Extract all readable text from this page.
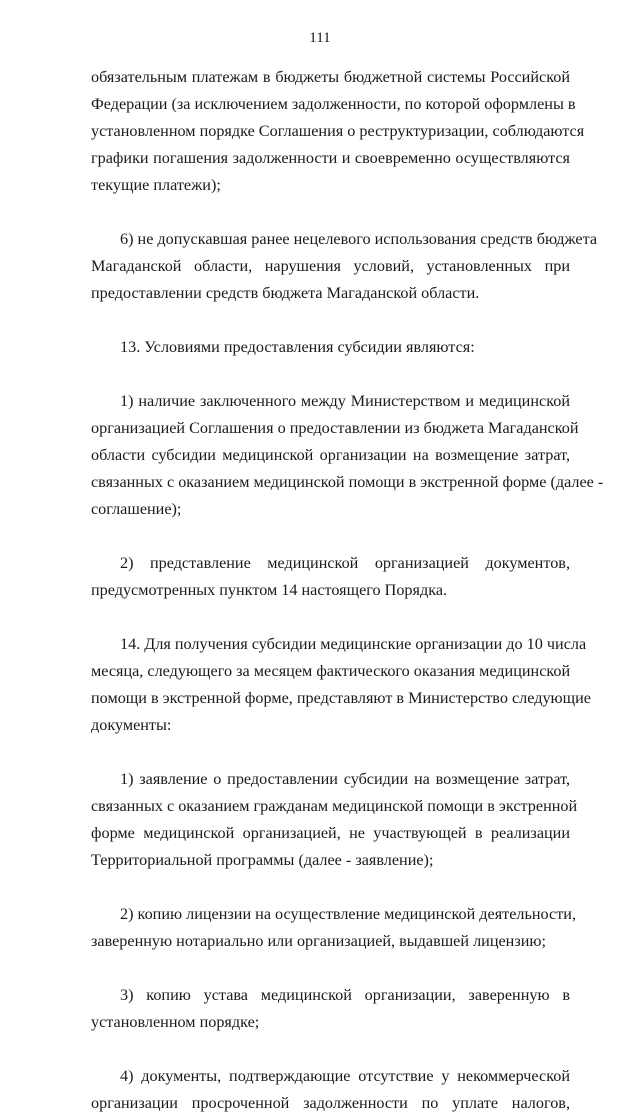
111
обязательным платежам в бюджеты бюджетной системы Российской
Федерации (за исключением задолженности, по которой оформлены в
установленном порядке Соглашения о реструктуризации, соблюдаются
графики погашения задолженности и своевременно осуществляются
текущие платежи);
6) не допускавшая ранее нецелевого использования средств бюджета
Магаданской области, нарушения условий, установленных при
предоставлении средств бюджета Магаданской области.
13. Условиями предоставления субсидии являются:
1) наличие заключенного между Министерством и медицинской
организацией Соглашения о предоставлении из бюджета Магаданской
области субсидии медицинской организации на возмещение затрат,
связанных с оказанием медицинской помощи в экстренной форме (далее -
соглашение);
2) представление медицинской организацией документов,
предусмотренных пунктом 14 настоящего Порядка.
14. Для получения субсидии медицинские организации до 10 числа
месяца, следующего за месяцем фактического оказания медицинской
помощи в экстренной форме, представляют в Министерство следующие
документы:
1) заявление о предоставлении субсидии на возмещение затрат,
связанных с оказанием гражданам медицинской помощи в экстренной
форме медицинской организацией, не участвующей в реализации
Территориальной программы (далее - заявление);
2) копию лицензии на осуществление медицинской деятельности,
заверенную нотариально или организацией, выдавшей лицензию;
3) копию устава медицинской организации, заверенную в
установленном порядке;
4) документы, подтверждающие отсутствие у некоммерческой
организации просроченной задолженности по уплате налогов,
